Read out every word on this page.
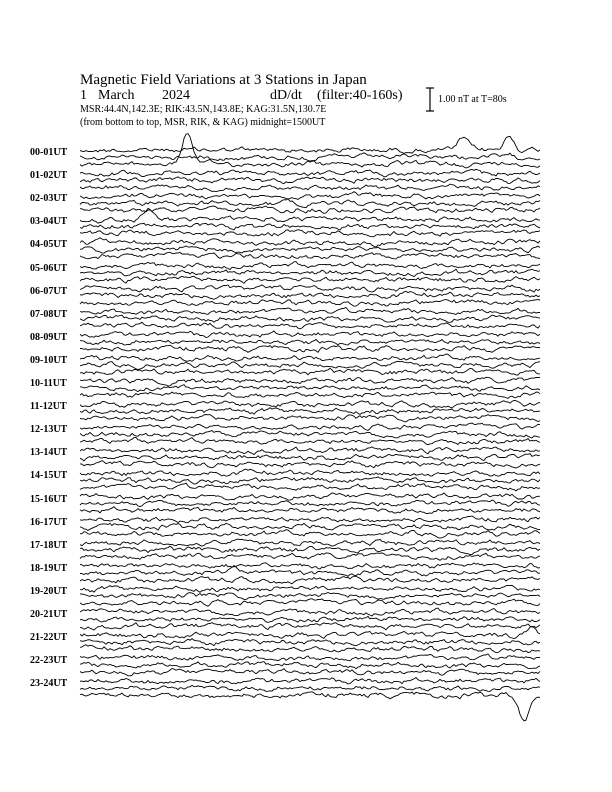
Magnetic Field Variations at 3 Stations in Japan
1 March 2024	dD/dt (filter:40-160s)
MSR:44.4N,142.3E; RIK:43.5N,143.8E; KAG:31.5N,130.7E
(from bottom to top, MSR, RIK, & KAG) midnight=1500UT
1.00 nT at T=80s
00-01UT
01-02UT
02-03UT
03-04UT
04-05UT
05-06UT
06-07UT
07-08UT
08-09UT
09-10UT
10-11UT
11-12UT
12-13UT
13-14UT
14-15UT
15-16UT
16-17UT
17-18UT
18-19UT
19-20UT
20-21UT
21-22UT
22-23UT
23-24UT
